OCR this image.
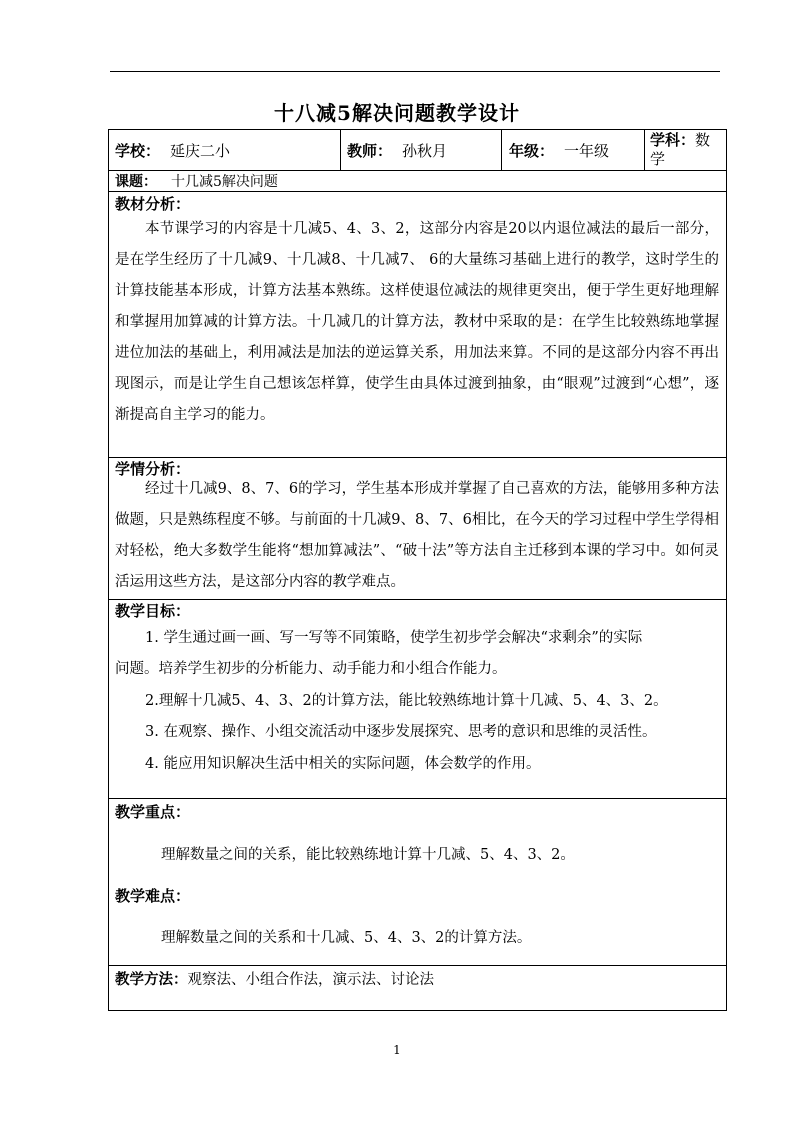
十八减5解决问题教学设计
学校： 延庆二小	教师： 孙秋月	年级： 一年级
学科：数学
课题： 十几减5解决问题
教材分析：

本节课学习的内容是十几减5、4、3、2，这部分内容是20以内退位减法的最后一部分，是在学生经历了十几减9、十几减8、十几减7、 6的大量练习基础上进行的教学，这时学生的计算技能基本形成，计算方法基本熟练。这样使退位减法的规律更突出，便于学生更好地理解和掌握用加算减的计算方法。十几减几的计算方法，教材中采取的是：在学生比较熟练地掌握进位加法的基础上，利用减法是加法的逆运算关系，用加法来算。不同的是这部分内容不再出现图示，而是让学生自己想该怎样算，使学生由具体过渡到抽象，由“眼观”过渡到“心想”，逐渐提高自主学习的能力。

学情分析：

经过十几减9、8、7、6的学习，学生基本形成并掌握了自己喜欢的方法，能够用多种方法做题，只是熟练程度不够。与前面的十几减9、8、7、6相比，在今天的学习过程中学生学得相对轻松，绝大多数学生能将“想加算减法”、“破十法”等方法自主迁移到本课的学习中。如何灵活运用这些方法，是这部分内容的教学难点。

教学目标：
1. 学生通过画一画、写一写等不同策略，使学生初步学会解决“求剩余”的实际
问题。培养学生初步的分析能力、动手能力和小组合作能力。
2.理解十几减5、4、3、2的计算方法，能比较熟练地计算十几减、5、4、3、2。
3. 在观察、操作、小组交流活动中逐步发展探究、思考的意识和思维的灵活性。
4. 能应用知识解决生活中相关的实际问题，体会数学的作用。
教学重点：
理解数量之间的关系，能比较熟练地计算十几减、5、4、3、2。
教学难点：
理解数量之间的关系和十几减、5、4、3、2的计算方法。
教学方法：观察法、小组合作法，演示法、讨论法
1
